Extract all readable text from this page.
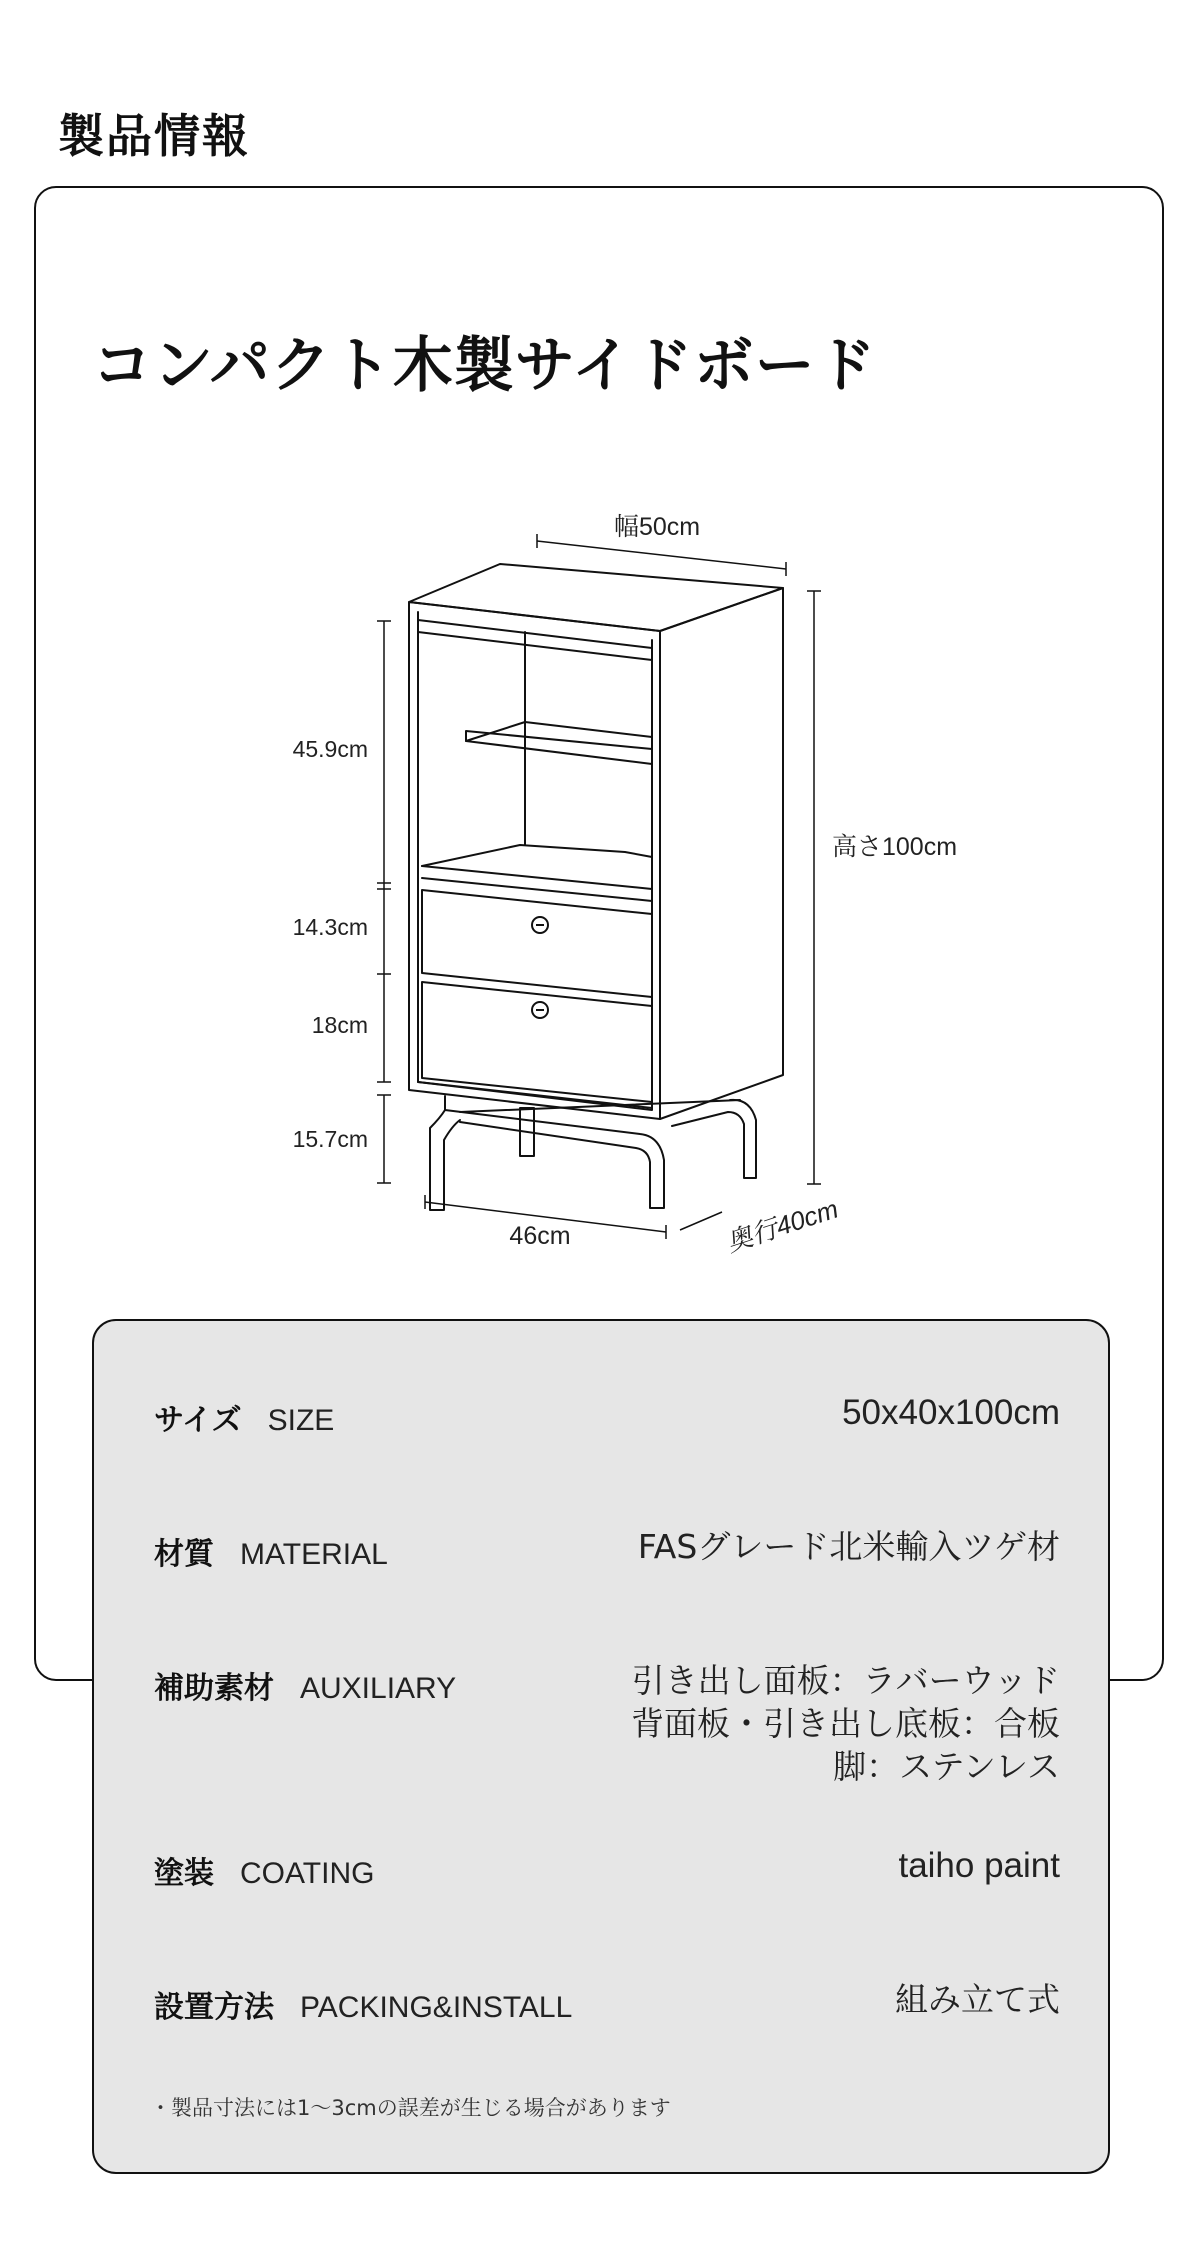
製品情報
コンパクト木製サイドボード
幅50cm
高さ100cm
45.9cm
14.3cm
18cm
15.7cm
46cm	奥行40cm
サイズ SIZE	50x40x100cm
材質 MATERIAL	FASグレード北米輸入ツゲ材
補助素材 AUXILIARY	引き出し面板：ラバーウッド
背面板・引き出し底板：合板
脚：ステンレス
塗装 COATING	taiho paint
設置方法 PACKING&INSTALL	組み立て式
・製品寸法には1〜3cmの誤差が生じる場合があります
